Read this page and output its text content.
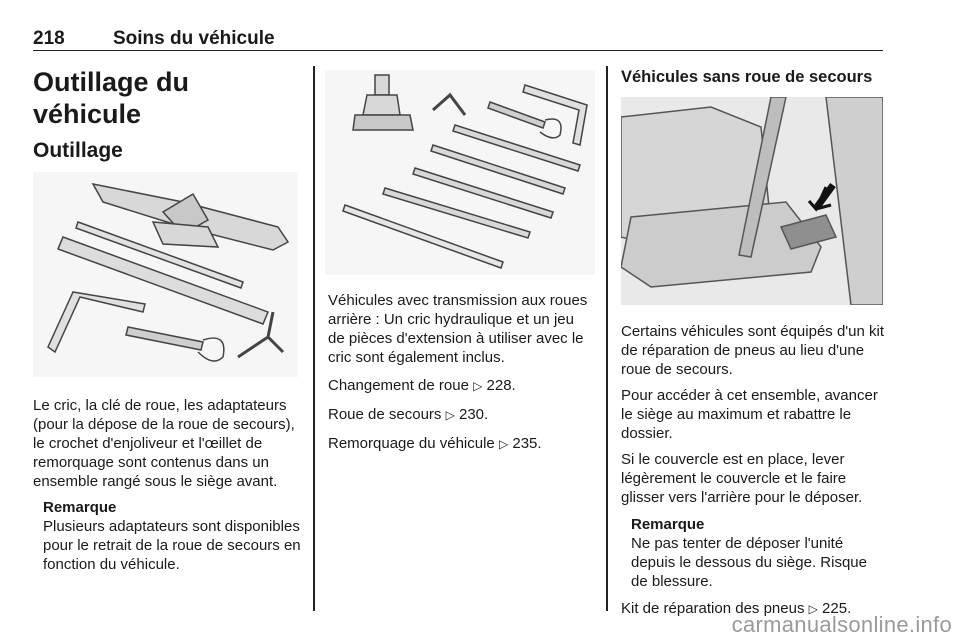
218	Soins du véhicule
Outillage du véhicule
Outillage

Le cric, la clé de roue, les adaptateurs (pour la dépose de la roue de secours), le crochet d'enjoliveur et l'œillet de remorquage sont contenus dans un ensemble rangé sous le siège avant.

Remarque

Plusieurs adaptateurs sont disponibles pour le retrait de la roue de secours en fonction du véhicule.

Véhicules avec transmission aux roues arrière : Un cric hydraulique et un jeu de pièces d'extension à utiliser avec le cric sont également inclus.

Changement de roue ▷ 228.

Roue de secours ▷ 230.

Remorquage du véhicule ▷ 235.

Véhicules sans roue de secours

Certains véhicules sont équipés d'un kit de réparation de pneus au lieu d'une roue de secours.

Pour accéder à cet ensemble, avancer le siège au maximum et rabattre le dossier.

Si le couvercle est en place, lever légèrement le couvercle et le faire glisser vers l'arrière pour le déposer.

Remarque

Ne pas tenter de déposer l'unité depuis le dessous du siège. Risque de blessure.

Kit de réparation des pneus ▷ 225.

carmanualsonline.info
